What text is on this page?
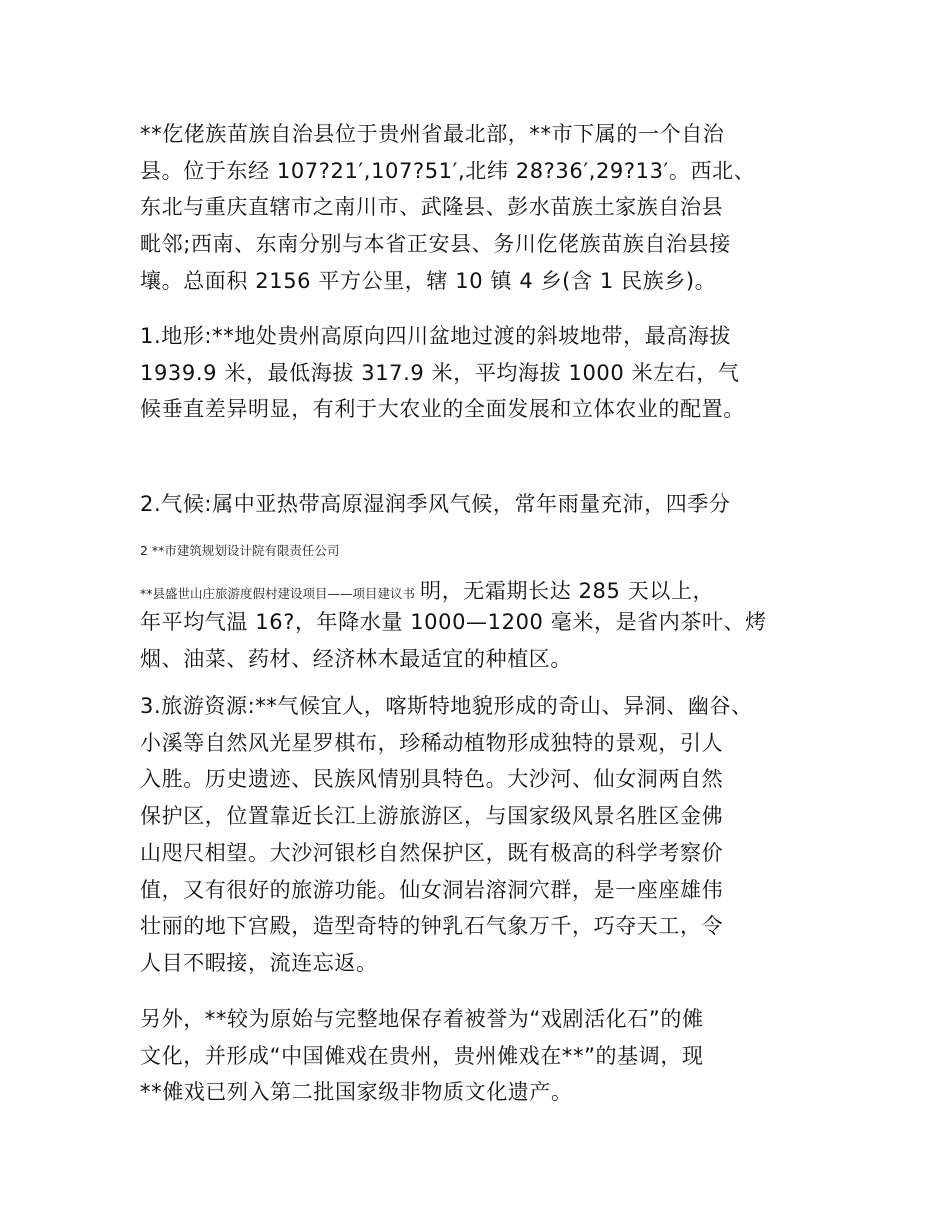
**仡佬族苗族自治县位于贵州省最北部，**市下属的一个自治
县。位于东经 107?21′,107?51′,北纬 28?36′,29?13′。西北、
东北与重庆直辖市之南川市、武隆县、彭水苗族土家族自治县
毗邻;西南、东南分别与本省正安县、务川仡佬族苗族自治县接
壤。总面积 2156 平方公里，辖 10 镇 4 乡(含 1 民族乡)。
1.地形:**地处贵州高原向四川盆地过渡的斜坡地带，最高海拔
1939.9 米，最低海拔 317.9 米，平均海拔 1000 米左右，气
候垂直差异明显，有利于大农业的全面发展和立体农业的配置。
2.气候:属中亚热带高原湿润季风气候，常年雨量充沛，四季分
2 **市建筑规划设计院有限责任公司
**县盛世山庄旅游度假村建设项目——项目建议书 明，无霜期长达 285 天以上，
年平均气温 16?，年降水量 1000—1200 毫米，是省内茶叶、烤
烟、油菜、药材、经济林木最适宜的种植区。
3.旅游资源:**气候宜人，喀斯特地貌形成的奇山、异洞、幽谷、
小溪等自然风光星罗棋布，珍稀动植物形成独特的景观，引人
入胜。历史遗迹、民族风情别具特色。大沙河、仙女洞两自然
保护区，位置靠近长江上游旅游区，与国家级风景名胜区金佛
山咫尺相望。大沙河银杉自然保护区，既有极高的科学考察价
值，又有很好的旅游功能。仙女洞岩溶洞穴群，是一座座雄伟
壮丽的地下宫殿，造型奇特的钟乳石气象万千，巧夺天工，令
人目不暇接，流连忘返。
另外，**较为原始与完整地保存着被誉为“戏剧活化石”的傩
文化，并形成“中国傩戏在贵州，贵州傩戏在**”的基调，现
**傩戏已列入第二批国家级非物质文化遗产。
